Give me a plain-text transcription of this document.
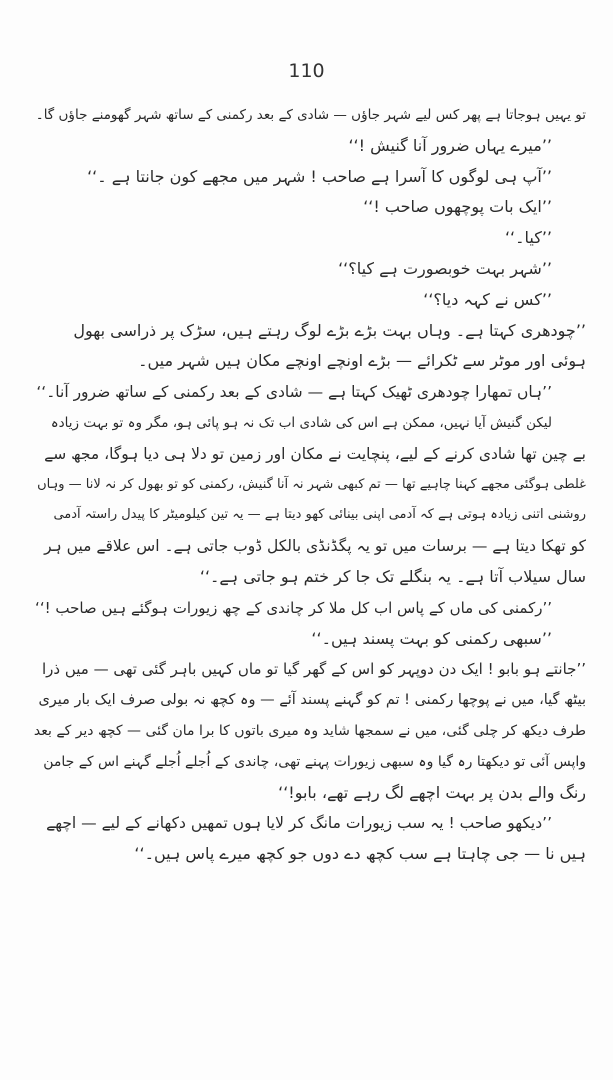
110
تو یہیں ہوجاتا ہے پھر کس لیے شہر جاؤں — شادی کے بعد رکمنی کے ساتھ شہر گھومنے جاؤں گا۔
’’میرے یہاں ضرور آنا گنیش !‘‘
’’آپ ہی لوگوں کا آسرا ہے صاحب ! شہر میں مجھے کون جانتا ہے ۔‘‘
’’ایک بات پوچھوں صاحب !‘‘
’’کیا۔‘‘
’’شہر بہت خوبصورت ہے کیا؟‘‘
’’کس نے کہہ دیا؟‘‘
’’چودھری کہتا ہے۔ وہاں بہت بڑے بڑے لوگ رہتے ہیں، سڑک پر ذراسی بھول
ہوئی اور موٹر سے ٹکرائے — بڑے اونچے اونچے مکان ہیں شہر میں۔
’’ہاں تمھارا چودھری ٹھیک کہتا ہے — شادی کے بعد رکمنی کے ساتھ ضرور آنا۔‘‘
لیکن گنیش آیا نہیں، ممکن ہے اس کی شادی اب تک نہ ہو پائی ہو، مگر وہ تو بہت زیادہ
بے چین تھا شادی کرنے کے لیے، پنچایت نے مکان اور زمین تو دلا ہی دیا ہوگا، مجھ سے
غلطی ہوگئی مجھے کہنا چاہیے تھا — تم کبھی شہر نہ آنا گنیش، رکمنی کو تو بھول کر نہ لانا — وہاں
روشنی اتنی زیادہ ہوتی ہے کہ آدمی اپنی بینائی کھو دیتا ہے — یہ تین کیلومیٹر کا پیدل راستہ آدمی
کو تھکا دیتا ہے — برسات میں تو یہ پگڈنڈی بالکل ڈوب جاتی ہے۔ اس علاقے میں ہر
سال سیلاب آتا ہے۔ یہ بنگلے تک جا کر ختم ہو جاتی ہے۔‘‘
’’رکمنی کی ماں کے پاس اب کل ملا کر چاندی کے چھ زیورات ہوگئے ہیں صاحب !‘‘
’’سبھی رکمنی کو بہت پسند ہیں۔‘‘
’’جانتے ہو بابو ! ایک دن دوپہر کو اس کے گھر گیا تو ماں کہیں باہر گئی تھی — میں ذرا
بیٹھ گیا، میں نے پوچھا رکمنی ! تم کو گہنے پسند آئے — وہ کچھ نہ بولی صرف ایک بار میری
طرف دیکھ کر چلی گئی، میں نے سمجھا شاید وہ میری باتوں کا برا مان گئی — کچھ دیر کے بعد
واپس آئی تو دیکھتا رہ گیا وہ سبھی زیورات پہنے تھی، چاندی کے اُجلے اُجلے گہنے اس کے جامن
رنگ والے بدن پر بہت اچھے لگ رہے تھے، بابو!‘‘
’’دیکھو صاحب ! یہ سب زیورات مانگ کر لایا ہوں تمھیں دکھانے کے لیے — اچھے
ہیں نا — جی چاہتا ہے سب کچھ دے دوں جو کچھ میرے پاس ہیں۔‘‘
